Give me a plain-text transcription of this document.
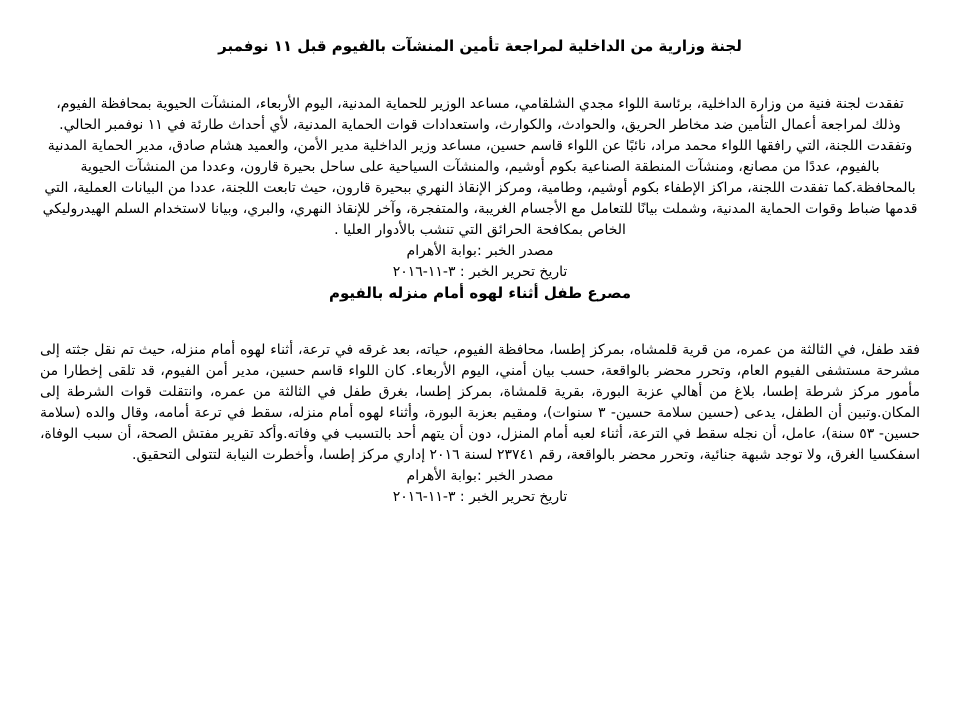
لجنة وزارية من الداخلية لمراجعة تأمين المنشآت بالفيوم قبل ١١ نوفمبر

تفقدت لجنة فنية من وزارة الداخلية، برئاسة اللواء مجدي الشلقامي، مساعد الوزير للحماية المدنية، اليوم الأربعاء، المنشآت الحيوية بمحافظة الفيوم، وذلك لمراجعة أعمال التأمين ضد مخاطر الحريق، والحوادث، والكوارث، واستعدادات قوات الحماية المدنية، لأي أحداث طارئة في ١١ نوفمبر الحالي. وتفقدت اللجنة، التي رافقها اللواء محمد مراد، نائبًا عن اللواء قاسم حسين، مساعد وزير الداخلية مدير الأمن، والعميد هشام صادق، مدير الحماية المدنية بالفيوم، عددًا من مصانع، ومنشآت المنطقة الصناعية بكوم أوشيم، والمنشآت السياحية على ساحل بحيرة قارون، وعددا من المنشآت الحيوية بالمحافظة.كما تفقدت اللجنة، مراكز الإطفاء بكوم أوشيم، وطامية، ومركز الإنقاذ النهري ببحيرة قارون، حيث تابعت اللجنة، عددا من البيانات العملية، التي قدمها ضباط وقوات الحماية المدنية، وشملت بيانًا للتعامل مع الأجسام الغريبة، والمتفجرة، وآخر للإنقاذ النهري، والبري، وبيانا لاستخدام السلم الهيدروليكي الخاص بمكافحة الحرائق التي تنشب بالأدوار العليا .

مصدر الخبر :بوابة الأهرام

تاريخ تحرير الخبر : ٣-١١-٢٠١٦

مصرع طفل أثناء لهوه أمام منزله بالفيوم

فقد طفل، في الثالثة من عمره، من قرية قلمشاه، بمركز إطسا، محافظة الفيوم، حياته، بعد غرقه في ترعة، أثناء لهوه أمام منزله، حيث تم نقل جثته إلى مشرحة مستشفى الفيوم العام، وتحرر محضر بالواقعة، حسب بيان أمني، اليوم الأربعاء. كان اللواء قاسم حسين، مدير أمن الفيوم، قد تلقى إخطارا من مأمور مركز شرطة إطسا، بلاغ من أهالي عزبة البورة، بقرية قلمشاة، بمركز إطسا، بغرق طفل في الثالثة من عمره، وانتقلت قوات الشرطة إلى المكان.وتبين أن الطفل، يدعى (حسين سلامة حسين- ٣ سنوات)، ومقيم بعزبة البورة، وأثناء لهوه أمام منزله، سقط في ترعة أمامه، وقال والده (سلامة حسين- ٥٣ سنة)، عامل، أن نجله سقط في الترعة، أثناء لعبه أمام المنزل، دون أن يتهم أحد بالتسبب في وفاته.وأكد تقرير مفتش الصحة، أن سبب الوفاة، اسفكسيا الغرق، ولا توجد شبهة جنائية، وتحرر محضر بالواقعة، رقم ٢٣٧٤١ لسنة ٢٠١٦ إداري مركز إطسا، وأخطرت النيابة لتتولى التحقيق.

مصدر الخبر :بوابة الأهرام

تاريخ تحرير الخبر : ٣-١١-٢٠١٦
